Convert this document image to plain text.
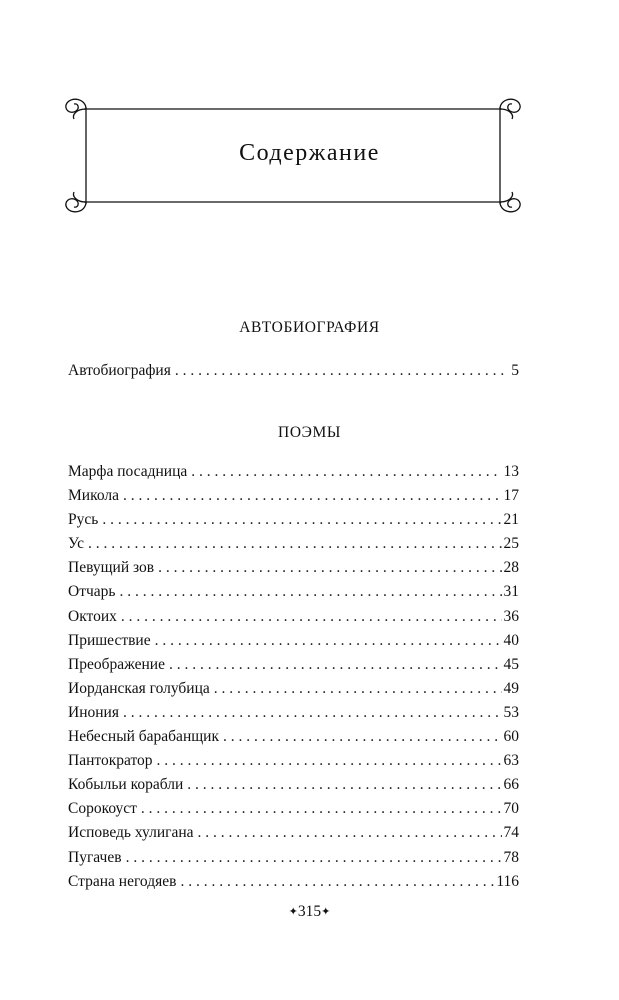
Содержание
АВТОБИОГРАФИЯ
Автобиография . . .	5
ПОЭМЫ
Марфа посадница . . .	13
Микола . . .	17
Русь . . .	21
Ус . . .	25
Певущий зов . . .	28
Отчарь . . .	31
Октоих . . .	36
Пришествие . . .	40
Преображение . . .	45
Иорданская голубица . . .	49
Инония . . .	53
Небесный барабанщик . . .	60
Пантократор . . .	63
Кобыльи корабли . . .	66
Сорокоуст . . .	70
Исповедь хулигана . . .	74
Пугачев . . .	78
Страна негодяев . . .	116
✦315✦
